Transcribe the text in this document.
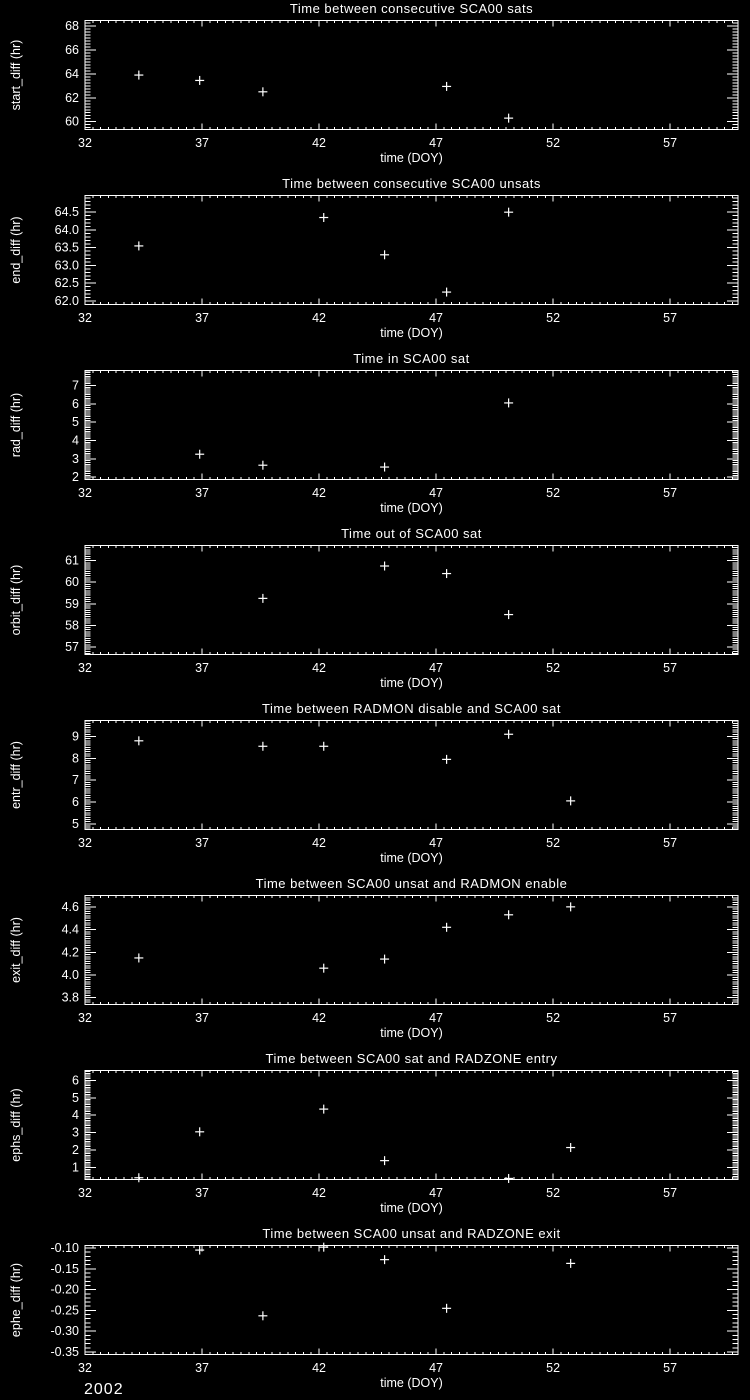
32	37	42	47	52	57
60
62
64
66
68
Time between consecutive SCA00 sats
time (DOY)
start_diff (hr)
32	37	42	47	52	57
62.0
62.5
63.0
63.5
64.0
64.5
Time between consecutive SCA00 unsats
time (DOY)
end_diff (hr)
32	37	42	47	52	57
2
3
4
5
6
7
Time in SCA00 sat
time (DOY)
rad_diff (hr)
32	37	42	47	52	57
57
58
59
60
61
Time out of SCA00 sat
time (DOY)
orbit_diff (hr)
32	37	42	47	52	57
5
6
7
8
9
Time between RADMON disable and SCA00 sat
time (DOY)
entr_diff (hr)
32	37	42	47	52	57
3.8
4.0
4.2
4.4
4.6
Time between SCA00 unsat and RADMON enable
time (DOY)
exit_diff (hr)
32	37	42	47	52	57
1
2
3
4
5
6
Time between SCA00 sat and RADZONE entry
time (DOY)
ephs_diff (hr)
32	37	42	47	52	57
-0.10
-0.15
-0.20
-0.25
-0.30
-0.35
Time between SCA00 unsat and RADZONE exit
time (DOY)
ephe_diff (hr)
2002
